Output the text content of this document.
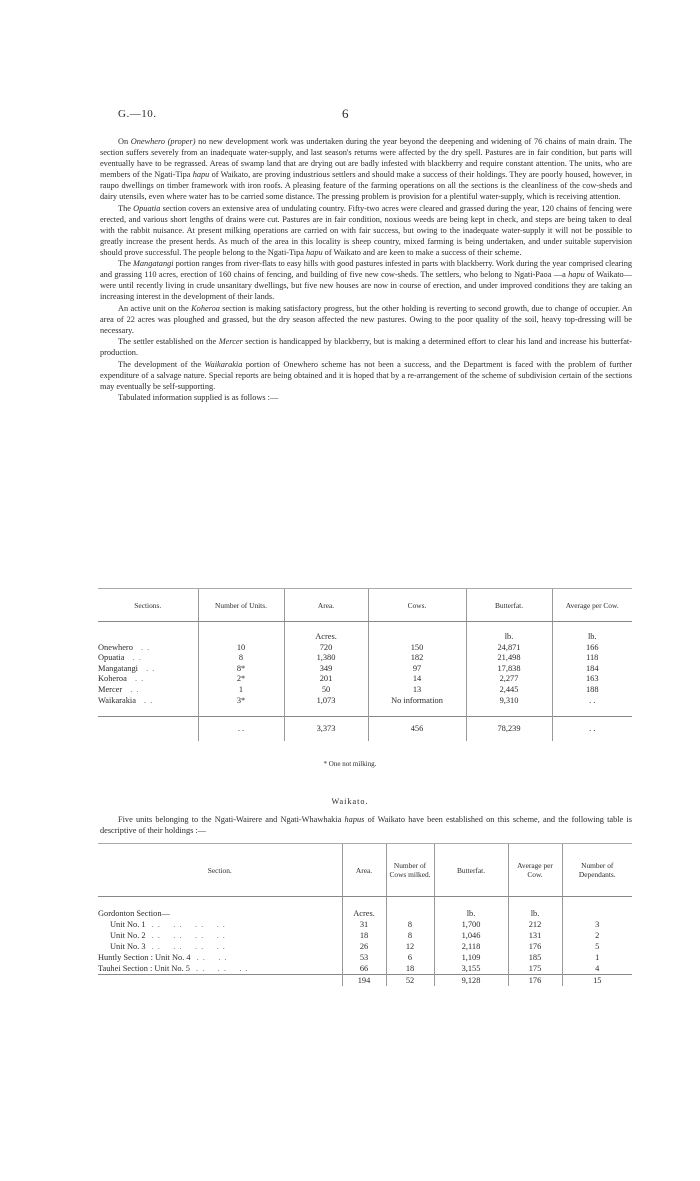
G.—10.	6

On Onewhero (proper) no new development work was undertaken during the year beyond the deepening and widening of 76 chains of main drain. The section suffers severely from an inadequate water-supply, and last season's returns were affected by the dry spell. Pastures are in fair condition, but parts will eventually have to be regrassed. Areas of swamp land that are drying out are badly infested with blackberry and require constant attention. The units, who are members of the Ngati-Tipa hapu of Waikato, are proving industrious settlers and should make a success of their holdings. They are poorly housed, however, in raupo dwellings on timber framework with iron roofs. A pleasing feature of the farming operations on all the sections is the cleanliness of the cow-sheds and dairy utensils, even where water has to be carried some distance. The pressing problem is provision for a plentiful water-supply, which is receiving attention.

The Opuatia section covers an extensive area of undulating country. Fifty-two acres were cleared and grassed during the year, 120 chains of fencing were erected, and various short lengths of drains were cut. Pastures are in fair condition, noxious weeds are being kept in check, and steps are being taken to deal with the rabbit nuisance. At present milking operations are carried on with fair success, but owing to the inadequate water-supply it will not be possible to greatly increase the present herds. As much of the area in this locality is sheep country, mixed farming is being undertaken, and under suitable supervision should prove successful. The people belong to the Ngati-Tipa hapu of Waikato and are keen to make a success of their scheme.

The Mangatangi portion ranges from river-flats to easy hills with good pastures infested in parts with blackberry. Work during the year comprised clearing and grassing 110 acres, erection of 160 chains of fencing, and building of five new cow-sheds. The settlers, who belong to Ngati-Paoa —a hapu of Waikato—were until recently living in crude unsanitary dwellings, but five new houses are now in course of erection, and under improved conditions they are taking an increasing interest in the development of their lands.

An active unit on the Koheroa section is making satisfactory progress, but the other holding is reverting to second growth, due to change of occupier. An area of 22 acres was ploughed and grassed, but the dry season affected the new pastures. Owing to the poor quality of the soil, heavy top-dressing will be necessary.

The settler established on the Mercer section is handicapped by blackberry, but is making a determined effort to clear his land and increase his butterfat-production.

The development of the Waikarakia portion of Onewhero scheme has not been a success, and the Department is faced with the problem of further expenditure of a salvage nature. Special reports are being obtained and it is hoped that by a re-arrangement of the scheme of subdivision certain of the sections may eventually be self-supporting.

Tabulated information supplied is as follows :—

Sections.	Number of Units.	Area.	Cows.	Butterfat.	Average per Cow.

		Acres.		lb.	lb.
Onewhero . .	10	720	150	24,871	166
Opuatia . .	8	1,380	182	21,498	118
Mangatangi . .	8*	349	97	17,838	184
Koheroa . .	2*	201	14	2,277	163
Mercer . .	1	50	13	2,445	188
Waikarakia . .	3*	1,073	No information	9,310	. .

	. .	3,373	456	78,239	. .
* One not milking.
Waikato.

Five units belonging to the Ngati-Wairere and Ngati-Whawhakia hapus of Waikato have been established on this scheme, and the following table is descriptive of their holdings :—

Section.	Area.	Number of Cows milked.	Butterfat.	Average per Cow.	Number of Dependants.

Gordonton Section—	Acres.		lb.	lb.	
Unit No. 1 . .    . .    . .    . .	31	8	1,700	212	3
Unit No. 2 . .    . .    . .    . .	18	8	1,046	131	2
Unit No. 3 . .    . .    . .    . .	26	12	2,118	176	5
Huntly Section : Unit No. 4 . .    . .	53	6	1,109	185	1
Tauhei Section : Unit No. 5 . .    . .    . .	66	18	3,155	175	4
	194	52	9,128	176	15
